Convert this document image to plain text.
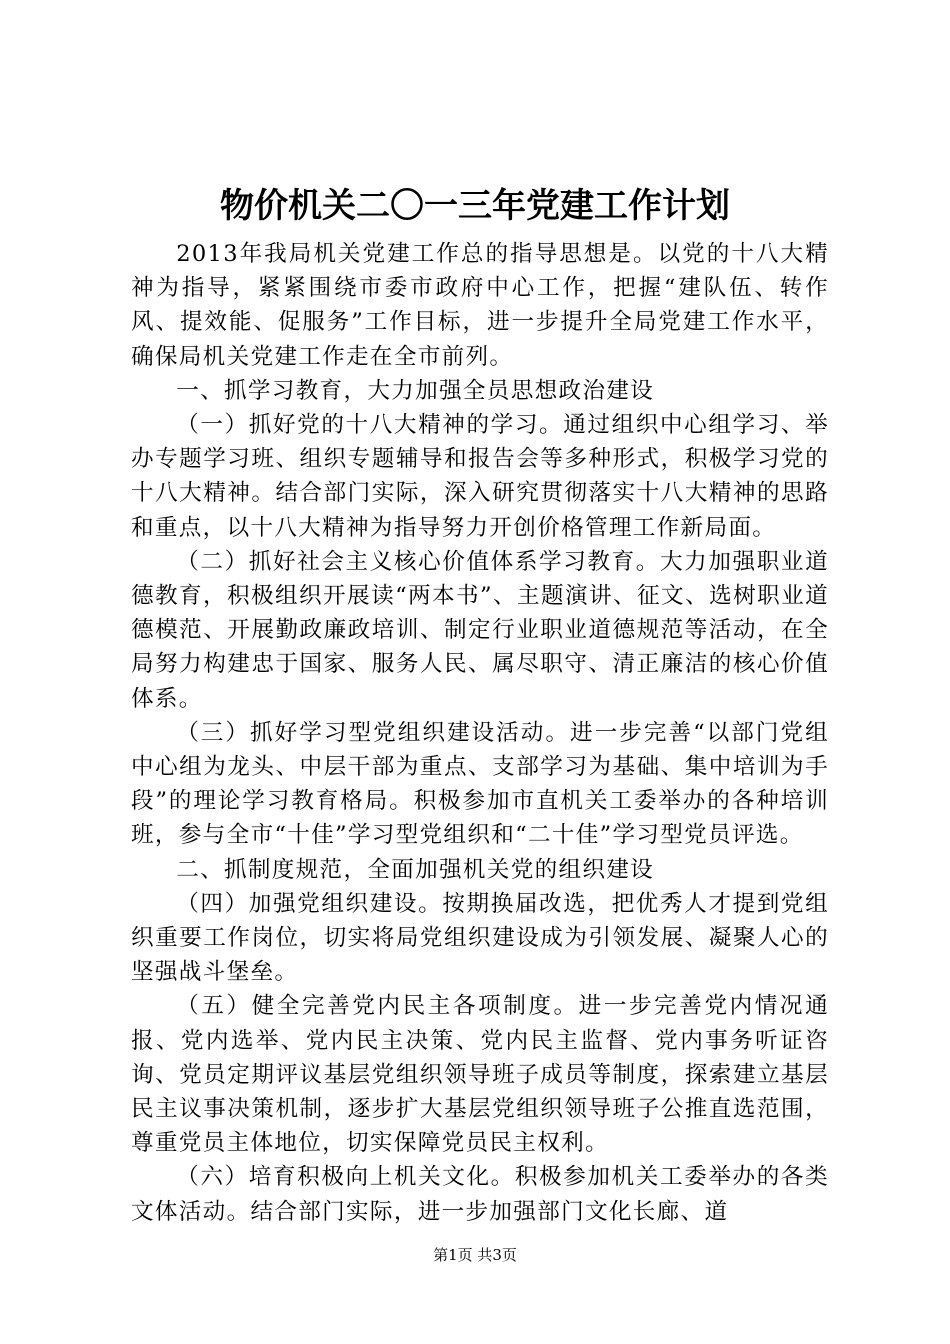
物价机关二〇一三年党建工作计划

2013年我局机关党建工作总的指导思想是。以党的十八大精神为指导，紧紧围绕市委市政府中心工作，把握“建队伍、转作风、提效能、促服务”工作目标，进一步提升全局党建工作水平，确保局机关党建工作走在全市前列。

一、抓学习教育，大力加强全员思想政治建设

（一）抓好党的十八大精神的学习。通过组织中心组学习、举办专题学习班、组织专题辅导和报告会等多种形式，积极学习党的十八大精神。结合部门实际，深入研究贯彻落实十八大精神的思路和重点，以十八大精神为指导努力开创价格管理工作新局面。

（二）抓好社会主义核心价值体系学习教育。大力加强职业道德教育，积极组织开展读“两本书”、主题演讲、征文、选树职业道德模范、开展勤政廉政培训、制定行业职业道德规范等活动，在全局努力构建忠于国家、服务人民、属尽职守、清正廉洁的核心价值体系。

（三）抓好学习型党组织建设活动。进一步完善“以部门党组中心组为龙头、中层干部为重点、支部学习为基础、集中培训为手段”的理论学习教育格局。积极参加市直机关工委举办的各种培训班，参与全市“十佳”学习型党组织和“二十佳”学习型党员评选。

二、抓制度规范，全面加强机关党的组织建设

（四）加强党组织建设。按期换届改选，把优秀人才提到党组织重要工作岗位，切实将局党组织建设成为引领发展、凝聚人心的坚强战斗堡垒。

（五）健全完善党内民主各项制度。进一步完善党内情况通报、党内选举、党内民主决策、党内民主监督、党内事务听证咨询、党员定期评议基层党组织领导班子成员等制度，探索建立基层民主议事决策机制，逐步扩大基层党组织领导班子公推直选范围，尊重党员主体地位，切实保障党员民主权利。

（六）培育积极向上机关文化。积极参加机关工委举办的各类文体活动。结合部门实际，进一步加强部门文化长廊、道

第1页 共3页
